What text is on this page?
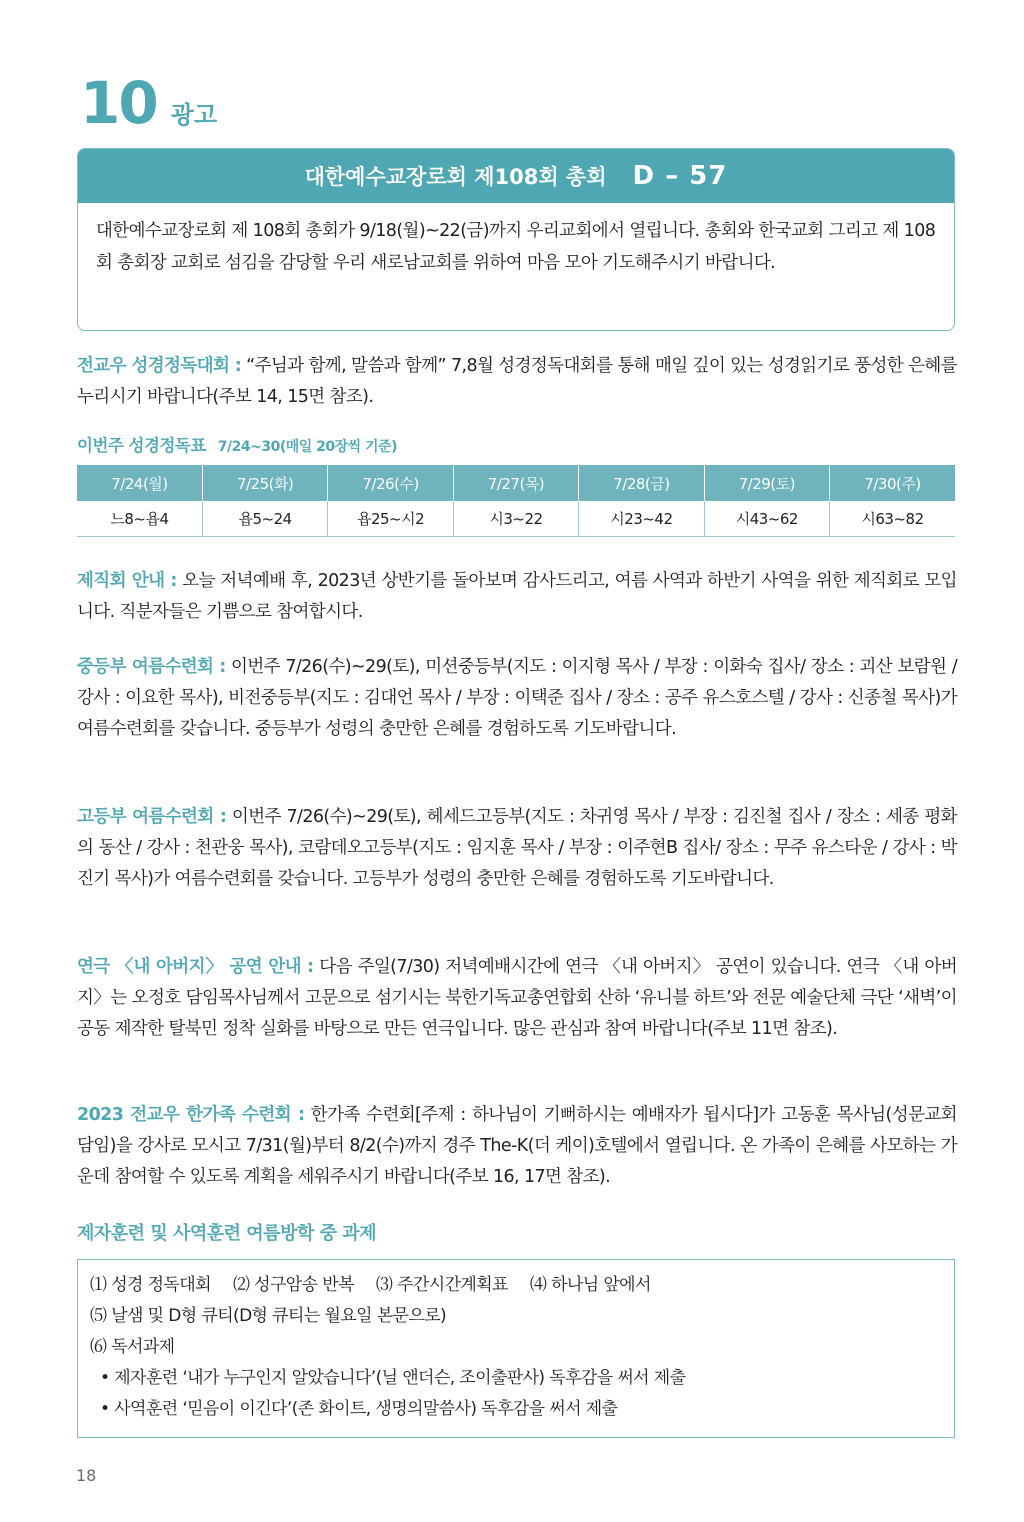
10 광고
대한예수교장로회 제108회 총회 D – 57
대한예수교장로회 제 108회 총회가 9/18(월)~22(금)까지 우리교회에서 열립니다. 총회와 한국교회 그리고 제 108회 총회장 교회로 섬김을 감당할 우리 새로남교회를 위하여 마음 모아 기도해주시기 바랍니다.
전교우 성경정독대회 : “주님과 함께, 말씀과 함께” 7,8월 성경정독대회를 통해 매일 깊이 있는 성경읽기로 풍성한 은혜를 누리시기 바랍니다(주보 14, 15면 참조).
이번주 성경정독표 7/24~30(매일 20장씩 기준)
7/24(월)	7/25(화)	7/26(수)	7/27(목)	7/28(금)	7/29(토)	7/30(주)
느8~욥4	욥5~24	욥25~시2	시3~22	시23~42	시43~62	시63~82
제직회 안내 : 오늘 저녁예배 후, 2023년 상반기를 돌아보며 감사드리고, 여름 사역과 하반기 사역을 위한 제직회로 모입니다. 직분자들은 기쁨으로 참여합시다.
중등부 여름수련회 : 이번주 7/26(수)~29(토), 미션중등부(지도 : 이지형 목사 / 부장 : 이화숙 집사/ 장소 : 괴산 보람원 / 강사 : 이요한 목사), 비전중등부(지도 : 김대언 목사 / 부장 : 이택준 집사 / 장소 : 공주 유스호스텔 / 강사 : 신종철 목사)가 여름수련회를 갖습니다. 중등부가 성령의 충만한 은혜를 경험하도록 기도바랍니다.
고등부 여름수련회 : 이번주 7/26(수)~29(토), 헤세드고등부(지도 : 차귀영 목사 / 부장 : 김진철 집사 / 장소 : 세종 평화의 동산 / 강사 : 천관웅 목사), 코람데오고등부(지도 : 임지훈 목사 / 부장 : 이주현B 집사/ 장소 : 무주 유스타운 / 강사 : 박진기 목사)가 여름수련회를 갖습니다. 고등부가 성령의 충만한 은혜를 경험하도록 기도바랍니다.
연극 〈내 아버지〉 공연 안내 : 다음 주일(7/30) 저녁예배시간에 연극 〈내 아버지〉 공연이 있습니다. 연극 〈내 아버지〉는 오정호 담임목사님께서 고문으로 섬기시는 북한기독교총연합회 산하 ‘유니블 하트’와 전문 예술단체 극단 ‘새벽’이 공동 제작한 탈북민 정착 실화를 바탕으로 만든 연극입니다. 많은 관심과 참여 바랍니다(주보 11면 참조).
2023 전교우 한가족 수련회 : 한가족 수련회[주제 : 하나님이 기뻐하시는 예배자가 됩시다]가 고동훈 목사님(성문교회 담임)을 강사로 모시고 7/31(월)부터 8/2(수)까지 경주 The-K(더 케이)호텔에서 열립니다. 온 가족이 은혜를 사모하는 가운데 참여할 수 있도록 계획을 세워주시기 바랍니다(주보 16, 17면 참조).
제자훈련 및 사역훈련 여름방학 중 과제
⑴ 성경 정독대회 ⑵ 성구암송 반복 ⑶ 주간시간계획표 ⑷ 하나님 앞에서
⑸ 날샘 및 D형 큐티(D형 큐티는 월요일 본문으로)
⑹ 독서과제
• 제자훈련 ‘내가 누구인지 알았습니다’(닐 앤더슨, 조이출판사) 독후감을 써서 제출
• 사역훈련 ‘믿음이 이긴다’(존 화이트, 생명의말씀사) 독후감을 써서 제출
18
